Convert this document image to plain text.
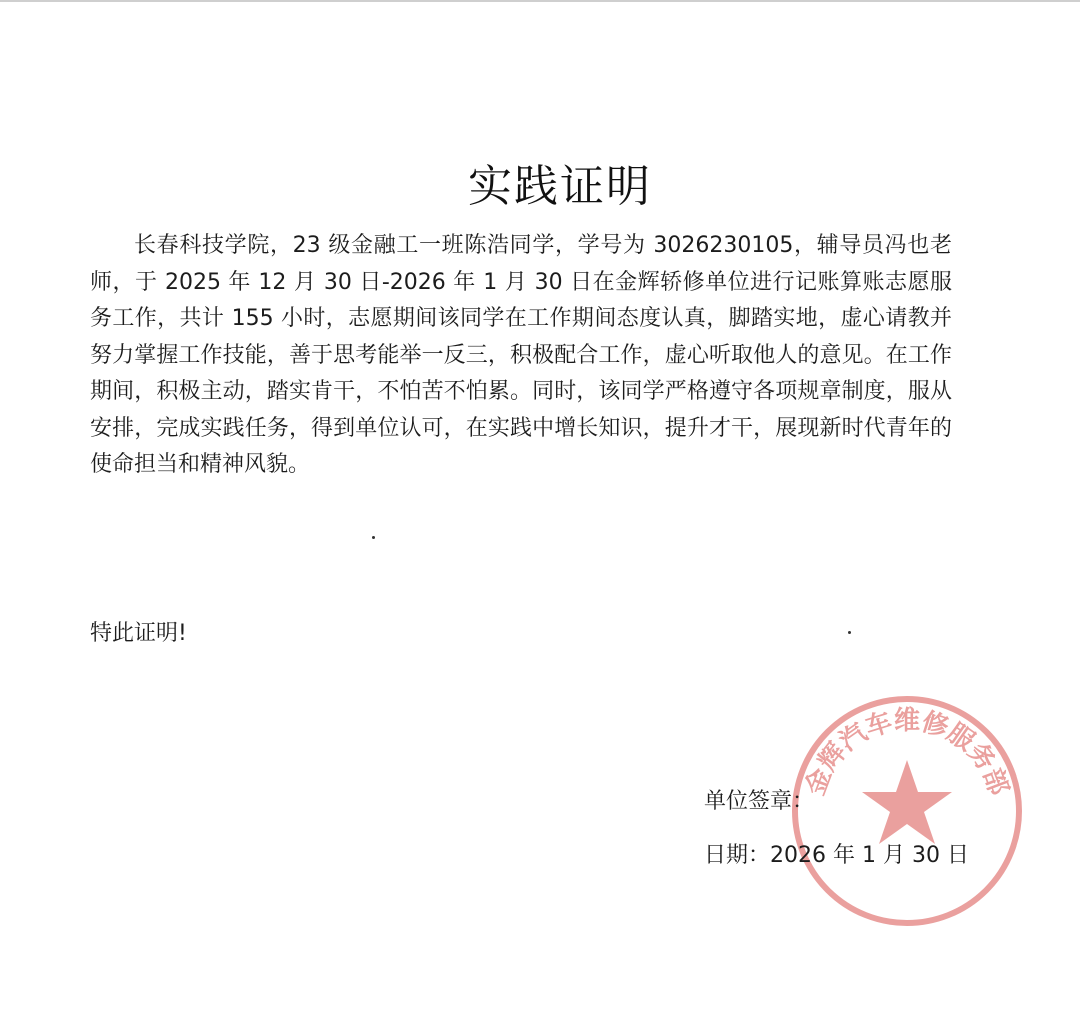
实践证明
长春科技学院，23 级金融工一班陈浩同学，学号为 3026230105，辅导员冯也老师，于 2025 年 12 月 30 日-2026 年 1 月 30 日在金辉轿修单位进行记账算账志愿服务工作，共计 155 小时，志愿期间该同学在工作期间态度认真，脚踏实地，虚心请教并努力掌握工作技能，善于思考能举一反三，积极配合工作，虚心听取他人的意见。在工作期间，积极主动，踏实肯干，不怕苦不怕累。同时，该同学严格遵守各项规章制度，服从安排，完成实践任务，得到单位认可，在实践中增长知识，提升才干，展现新时代青年的使命担当和精神风貌。
特此证明!
金辉汽车维修服务部
单位签章：
日期：2026 年 1 月 30 日
